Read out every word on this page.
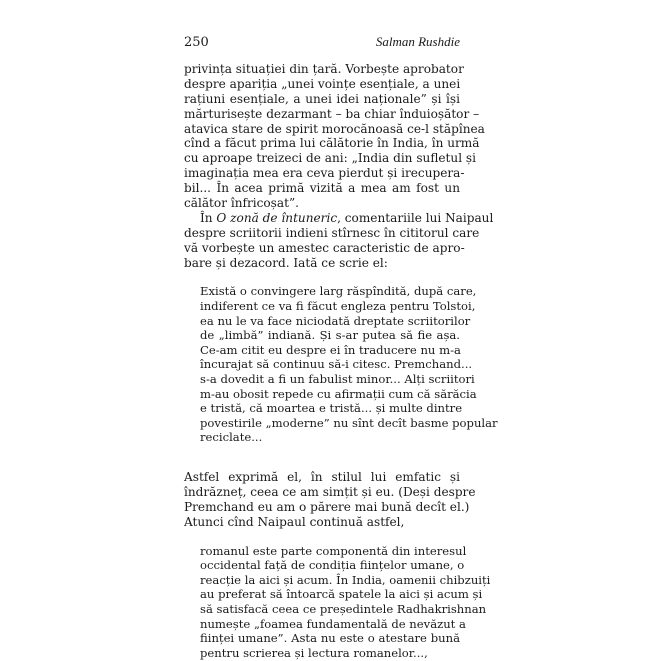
250	Salman Rushdie
privința situației din țară. Vorbește aprobator
despre apariția „unei voințe esențiale, a unei
rațiuni esențiale, a unei idei naționale” și își
mărturisește dezarmant – ba chiar înduioșător –
atavica stare de spirit morocănoasă ce-l stăpînea
cînd a făcut prima lui călătorie în India, în urmă
cu aproape treizeci de ani: „India din sufletul și
imaginația mea era ceva pierdut și irecupera-
bil... În acea primă vizită a mea am fost un
călător înfricoșat”.
În O zonă de întuneric, comentariile lui Naipaul
despre scriitorii indieni stîrnesc în cititorul care
vă vorbește un amestec caracteristic de apro-
bare și dezacord. Iată ce scrie el:
Există o convingere larg răspîndită, după care,
indiferent ce va fi făcut engleza pentru Tolstoi,
ea nu le va face niciodată dreptate scriitorilor
de „limbă” indiană. Și s-ar putea să fie așa.
Ce-am citit eu despre ei în traducere nu m-a
încurajat să continuu să-i citesc. Premchand...
s-a dovedit a fi un fabulist minor... Alți scriitori
m-au obosit repede cu afirmații cum că sărăcia
e tristă, că moartea e tristă... și multe dintre
povestirile „moderne” nu sînt decît basme popular
reciclate...
Astfel exprimă el, în stilul lui emfatic și
îndrăzneț, ceea ce am simțit și eu. (Deși despre
Premchand eu am o părere mai bună decît el.)
Atunci cînd Naipaul continuă astfel,
romanul este parte componentă din interesul
occidental față de condiția ființelor umane, o
reacție la aici și acum. În India, oamenii chibzuiți
au preferat să întoarcă spatele la aici și acum și
să satisfacă ceea ce președintele Radhakrishnan
numește „foamea fundamentală de nevăzut a
ființei umane”. Asta nu este o atestare bună
pentru scrierea și lectura romanelor...,
